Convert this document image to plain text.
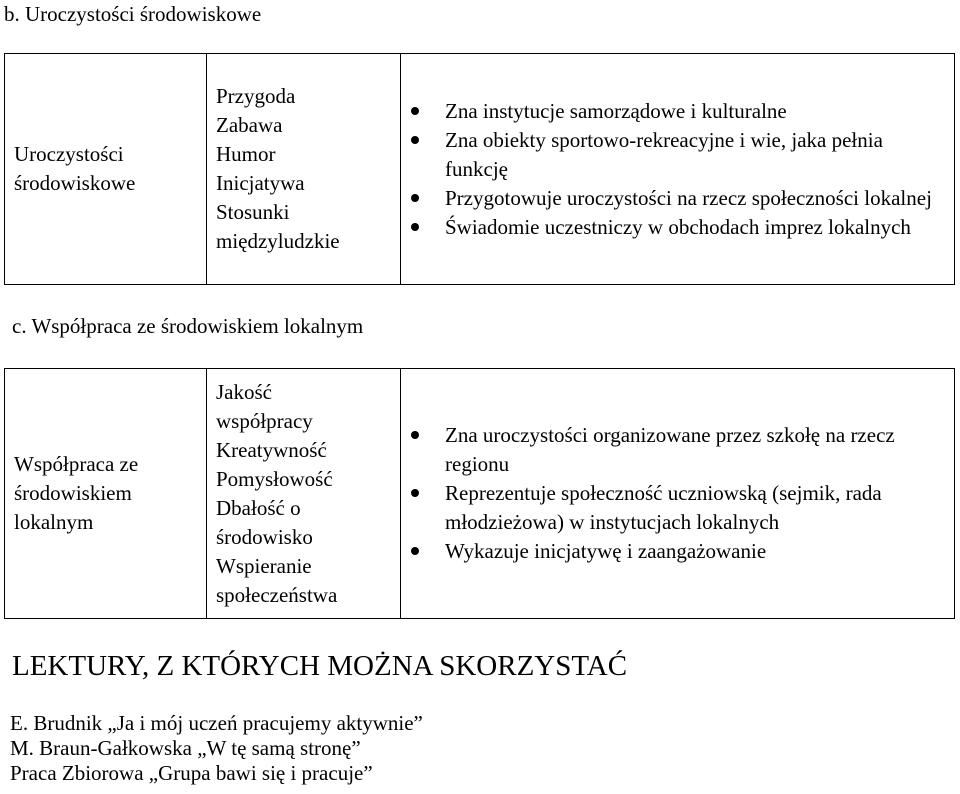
b. Uroczystości środowiskowe
Uroczystości
środowiskowe

Przygoda
Zabawa
Humor
Inicjatywa
Stosunki
międzyludzkie

Zna instytucje samorządowe i kulturalne
Zna obiekty sportowo-rekreacyjne i wie, jaka pełnia funkcję
Przygotowuje uroczystości na rzecz społeczności lokalnej
Świadomie uczestniczy w obchodach imprez lokalnych
c. Współpraca ze środowiskiem lokalnym
Współpraca ze
środowiskiem
lokalnym

Jakość
współpracy
Kreatywność
Pomysłowość
Dbałość o
środowisko
Wspieranie
społeczeństwa

Zna uroczystości organizowane przez szkołę na rzecz regionu
Reprezentuje społeczność uczniowską (sejmik, rada młodzieżowa) w instytucjach lokalnych
Wykazuje inicjatywę i zaangażowanie
LEKTURY, Z KTÓRYCH MOŻNA SKORZYSTAĆ
E. Brudnik „Ja i mój uczeń pracujemy aktywnie”
M. Braun-Gałkowska „W tę samą stronę”
Praca Zbiorowa „Grupa bawi się i pracuje”
